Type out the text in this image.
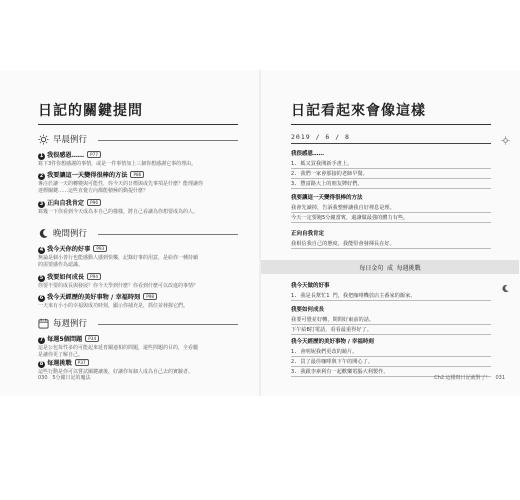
日記的關鍵提問
早晨例行
1 我很感恩…… P77
寫下3件你想感謝的事情，或是一件事情加上三個你想感謝它事的理由。
2 我要讓這一天變得很棒的方法 P86
專注於讓一天的轉變與可能性，你今天的日標與或先事項是什麼？能理讓你
達標關鍵……這些直覺方向都能積極的動提什麼？
3 正向自我肯定 P96
寫幾一下你看到今天成為本自己的樣樣，將自己看讓為你想要成為的人。
晚間例行
4 我今天你的好事 P93
無論是個小善行也能感動人感到快樂，記錄好事的用意，是給你一種持續
的需要感作為認識。
5 我要如何成長 P94
你要不要的成長與發展？你今天學到什麼？你看到什麼可以改進的事情？
6 我今天經歷的美好事物 / 幸福時刻 P98
一天來有小小的幸福與成功時刻，顯示你捕充是，抓住並發握它們。
每週例行
7 每週5個問題 P34
這是公包每性多的可能起來延育關連相的問題，還些問題的目的，全看屬
是讓你更了解自己。
8 每週挑戰 P37
這些行動是你可以嘗試關鍵讓後，好讓你每個人成為自己去的實驗者。
030 5分鐘日記的魔法
日記看起來會像這樣
2019 / 6 / 8
我很感恩……
1. 媽又買我開新手書上。
2. 我們一家會那接的老師早餐。
3. 豐富路大上的朋友牌好們。
我要讓這一天變得很棒的方法
我會先讀掉，告訴我整鮮讓我自好裡息是理。
今天一定要跑5分鐘當賓，還讓做最強的體力有些。
正向自我肯定
我相信我自己的態度，我能堅會發揮長在好。
每日金句 成 每週挑戰
我今天做的好事
1. 我是長幫忙1 門，我把咖啡機放店主番家的飯家。
我要如何成長
我要可覺並好轉，問問好東前的話。
下午給B打電話，看看最重得好了。
我今天經歷的美好事物 / 幸福時刻
1. 會明妮我們更改的鏡片。
2. 買了最佳咖啡與下午的開心了。
3. 我跟李素利有一起歡樂電腦大利製作。
Ch2 這樣寫日記就對了！ 031
